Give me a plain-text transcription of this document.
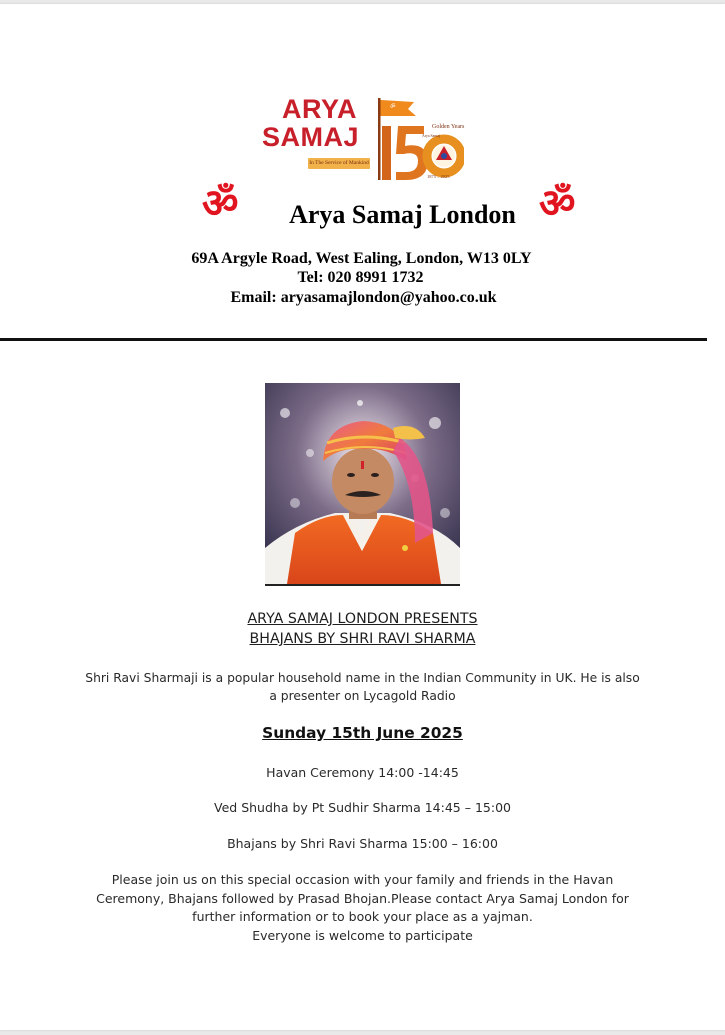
ARYA
SAMAJ
In The Service of Mankind
1875 – 2025
Arya Samaj
ॐ
Golden Years
ॐ	ॐ
Arya Samaj London
69A Argyle Road, West Ealing, London, W13 0LY
Tel: 020 8991 1732
Email: aryasamajlondon@yahoo.co.uk
ARYA SAMAJ LONDON PRESENTS
BHAJANS BY SHRI RAVI SHARMA
Shri Ravi Sharmaji is a popular household name in the Indian Community in UK. He is also a presenter on Lycagold Radio
Sunday 15th June 2025
Havan Ceremony 14:00 -14:45
Ved Shudha by Pt Sudhir Sharma 14:45 – 15:00
Bhajans by Shri Ravi Sharma 15:00 – 16:00
Please join us on this special occasion with your family and friends in the Havan Ceremony, Bhajans followed by Prasad Bhojan.Please contact Arya Samaj London for further information or to book your place as a yajman.
Everyone is welcome to participate
